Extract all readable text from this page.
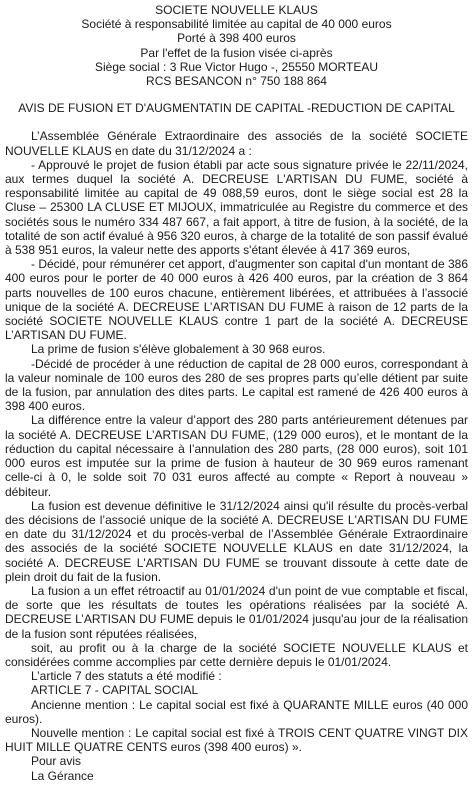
SOCIETE NOUVELLE KLAUS

Société à responsabilité limitée au capital de 40 000 euros

Porté à 398 400 euros

Par l'effet de la fusion visée ci-après

Siège social : 3 Rue Victor Hugo -, 25550 MORTEAU

RCS BESANCON n° 750 188 864

AVIS DE FUSION ET D'AUGMENTATIN DE CAPITAL -REDUCTION DE CAPITAL

L’Assemblée Générale Extraordinaire des associés de la société SOCIETE NOUVELLE KLAUS en date du 31/12/2024 a :

- Approuvé le projet de fusion établi par acte sous signature privée le 22/11/2024, aux termes duquel la société A. DECREUSE L'ARTISAN DU FUME, société à responsabilité limitée au capital de 49 088,59 euros, dont le siège social est 28 la Cluse – 25300 LA CLUSE ET MIJOUX, immatriculée au Registre du commerce et des sociétés sous le numéro 334 487 667, a fait apport, à titre de fusion, à la société, de la totalité de son actif évalué à 956 320 euros, à charge de la totalité de son passif évalué à 538 951 euros, la valeur nette des apports s'étant élevée à 417 369 euros,

- Décidé, pour rémunérer cet apport, d'augmenter son capital d'un montant de 386 400 euros pour le porter de 40 000 euros à 426 400 euros, par la création de 3 864 parts nouvelles de 100 euros chacune, entièrement libérées, et attribuées à l’associé unique de la société A. DECREUSE L’ARTISAN DU FUME à raison de 12 parts de la société SOCIETE NOUVELLE KLAUS contre 1 part de la société A. DECREUSE L’ARTISAN DU FUME.

La prime de fusion s'élève globalement à 30 968 euros.

-Décidé de procéder à une réduction de capital de 28 000 euros, correspondant à la valeur nominale de 100 euros des 280 de ses propres parts qu’elle détient par suite de la fusion, par annulation des dites parts. Le capital est ramené de 426 400 euros à 398 400 euros.

La différence entre la valeur d’apport des 280 parts antérieurement détenues par la société A. DECREUSE L’ARTISAN DU FUME, (129 000 euros), et le montant de la réduction du capital nécessaire à l’annulation des 280 parts, (28 000 euros), soit 101 000 euros est imputée sur la prime de fusion à hauteur de 30 969 euros ramenant celle-ci à 0, le solde soit 70 031 euros affecté au compte « Report à nouveau » débiteur.

La fusion est devenue définitive le 31/12/2024 ainsi qu'il résulte du procès-verbal des décisions de l’associé unique de la société A. DECREUSE L'ARTISAN DU FUME en date du 31/12/2024 et du procès-verbal de l’Assemblée Générale Extraordinaire des associés de la société SOCIETE NOUVELLE KLAUS en date 31/12/2024, la société A. DECREUSE L'ARTISAN DU FUME se trouvant dissoute à cette date de plein droit du fait de la fusion.

La fusion a un effet rétroactif au 01/01/2024 d'un point de vue comptable et fiscal, de sorte que les résultats de toutes les opérations réalisées par la société A. DECREUSE L’ARTISAN DU FUME depuis le 01/01/2024 jusqu'au jour de la réalisation de la fusion sont réputées réalisées,

soit, au profit ou à la charge de la société SOCIETE NOUVELLE KLAUS et considérées comme accomplies par cette dernière depuis le 01/01/2024.

L’article 7 des statuts a été modifié :

ARTICLE 7 - CAPITAL SOCIAL

Ancienne mention : Le capital social est fixé à QUARANTE MILLE euros (40 000 euros).

Nouvelle mention : Le capital social est fixé à TROIS CENT QUATRE VINGT DIX HUIT MILLE QUATRE CENTS euros (398 400 euros) ».

Pour avis

La Gérance
